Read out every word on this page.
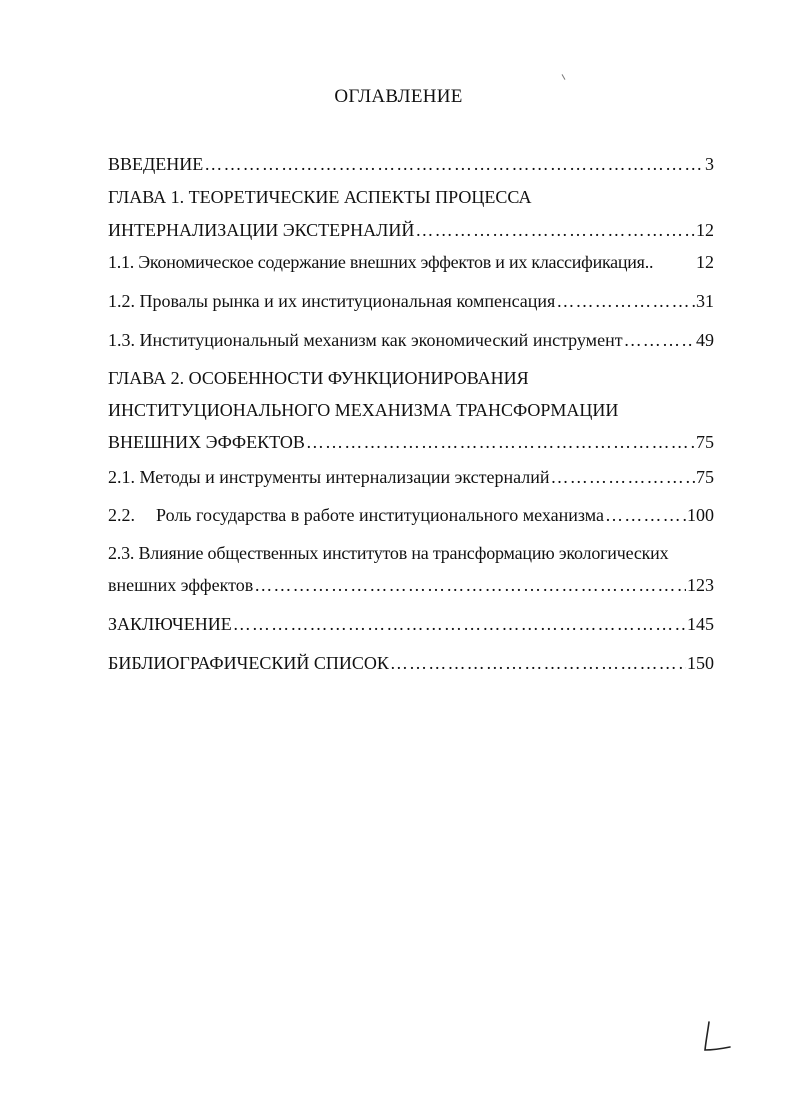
ОГЛАВЛЕНИЕ
ВВЕДЕНИЕ …………………………………………………………………………………………………………………………………………………………………………	3
ГЛАВА 1. ТЕОРЕТИЧЕСКИЕ АСПЕКТЫ ПРОЦЕССА
ИНТЕРНАЛИЗАЦИИ ЭКСТЕРНАЛИЙ …………………………………………………………………………………………………………………………………………………………………………	12
1.1. Экономическое содержание внешних эффектов и их классификация.. 12
1.2. Провалы рынка и их институциональная компенсация …………………………………………………………………………………………………………………………………………………………………………	31
1.3. Институциональный механизм как экономический инструмент …………………………………………………………………………………………………………………………………………………………………………	49
ГЛАВА 2. ОСОБЕННОСТИ ФУНКЦИОНИРОВАНИЯ
ИНСТИТУЦИОНАЛЬНОГО МЕХАНИЗМА ТРАНСФОРМАЦИИ
ВНЕШНИХ ЭФФЕКТОВ …………………………………………………………………………………………………………………………………………………………………………	75
2.1. Методы и инструменты интернализации экстерналий …………………………………………………………………………………………………………………………………………………………………………	75
2.2.	Роль государства в работе институционального механизма …………………………………………………………………………………………………………………………………………………………………………	100
2.3. Влияние общественных институтов на трансформацию экологических
внешних эффектов …………………………………………………………………………………………………………………………………………………………………………	123
ЗАКЛЮЧЕНИЕ …………………………………………………………………………………………………………………………………………………………………………	145
БИБЛИОГРАФИЧЕСКИЙ СПИСОК …………………………………………………………………………………………………………………………………………………………………………	150
